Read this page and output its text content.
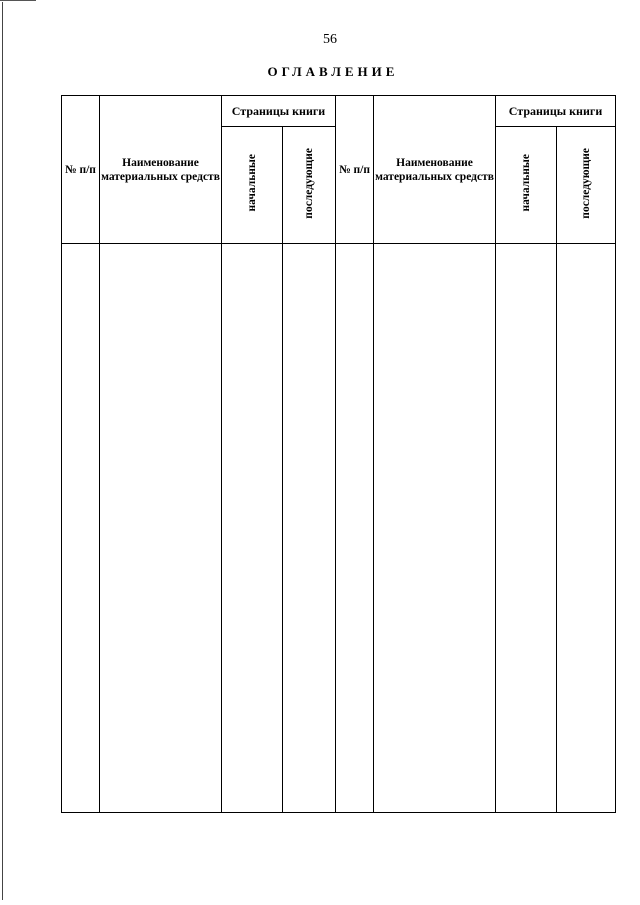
56
ОГЛАВЛЕНИЕ
№ п/п	Наименование материальных средств	Страницы книги		№ п/п	Наименование материальных средств	Страницы книги	
		начальные	последующие			начальные	последующие
